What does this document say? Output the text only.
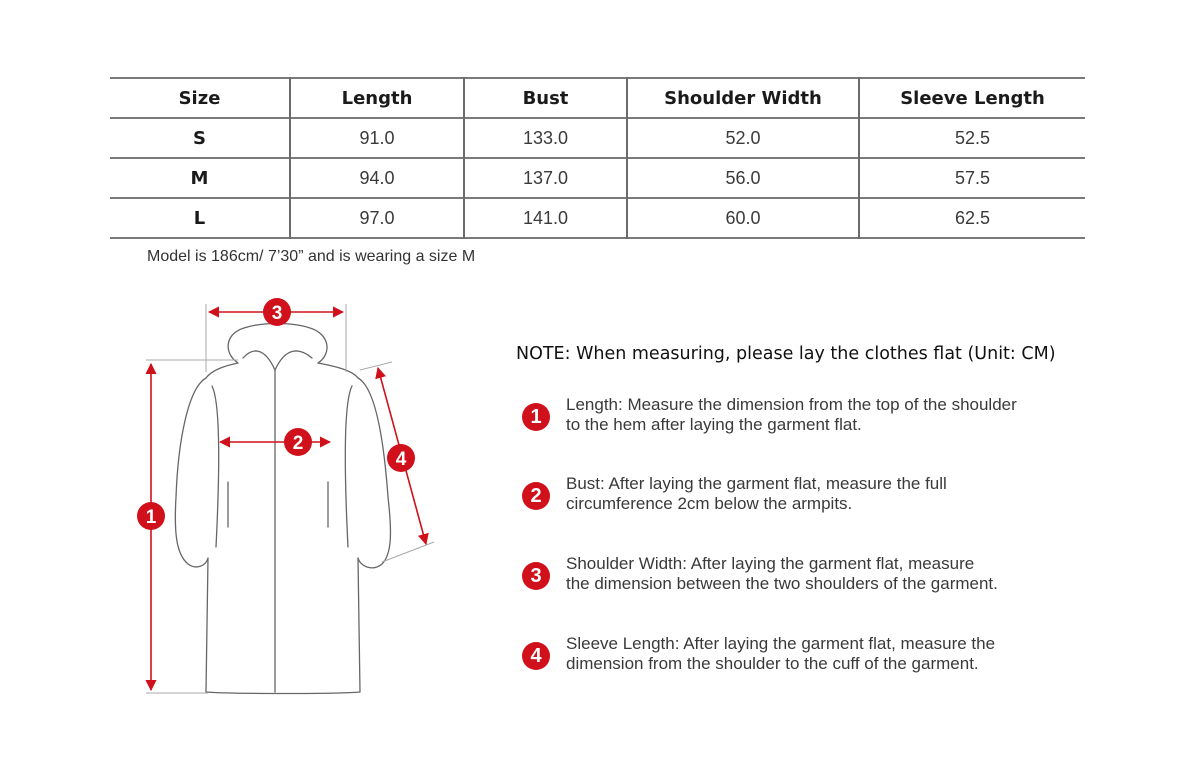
Size	Length	Bust	Shoulder Width	Sleeve Length
S	91.0	133.0	52.0	52.5
M	94.0	137.0	56.0	57.5
L	97.0	141.0	60.0	62.5
Model is 186cm/ 7’30” and is wearing a size M
1
2
3
4
NOTE: When measuring, please lay the clothes flat (Unit: CM)
1
Length: Measure the dimension from the top of the shoulder
to the hem after laying the garment flat.
2
Bust: After laying the garment flat, measure the full
circumference 2cm below the armpits.
3
Shoulder Width: After laying the garment flat, measure
the dimension between the two shoulders of the garment.
4
Sleeve Length: After laying the garment flat, measure the
dimension from the shoulder to the cuff of the garment.
